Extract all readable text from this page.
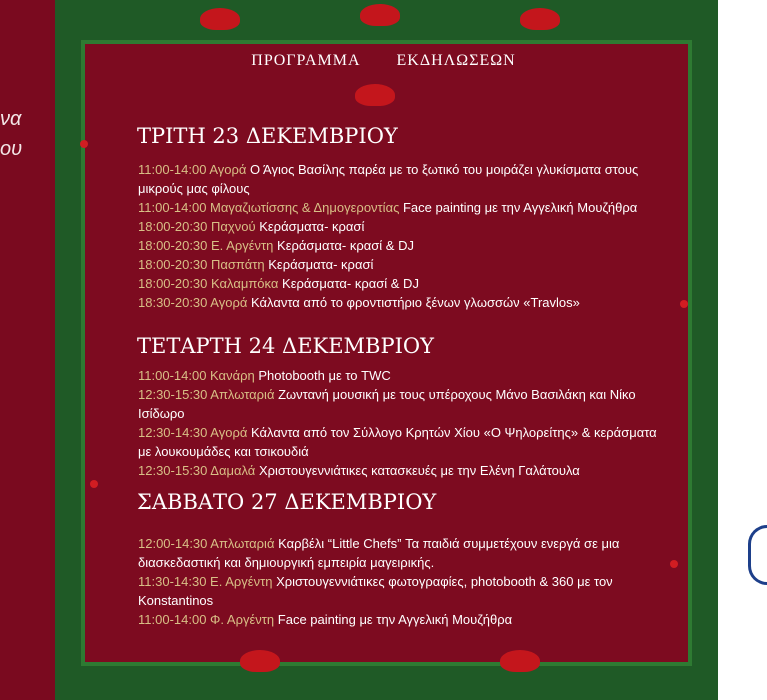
να
ου
ΠΡΟΓΡΑΜΜΑ ΕΚΔΗΛΩΣΕΩΝ
ΤΡΙΤΗ 23 ΔΕΚΕΜΒΡΙΟΥ
11:00-14:00 Αγορά Ο Άγιος Βασίλης παρέα με το ξωτικό του μοιράζει γλυκίσματα στους μικρούς μας φίλους
11:00-14:00 Μαγαζιωτίσσης & Δημογεροντίας Face painting με την Αγγελική Μουζήθρα
18:00-20:30 Παχνού Κεράσματα- κρασί
18:00-20:30 Ε. Αργέντη Κεράσματα- κρασί & DJ
18:00-20:30 Πασπάτη Κεράσματα- κρασί
18:00-20:30 Καλαμπόκα Κεράσματα- κρασί & DJ
18:30-20:30 Αγορά Κάλαντα από το φροντιστήριο ξένων γλωσσών «Travlos»
ΤΕΤΑΡΤΗ 24 ΔΕΚΕΜΒΡΙΟΥ
11:00-14:00 Κανάρη Photobooth με το TWC
12:30-15:30 Απλωταριά Ζωντανή μουσική με τους υπέροχους Μάνο Βασιλάκη και Νίκο Ισίδωρο
12:30-14:30 Αγορά Κάλαντα από τον Σύλλογο Κρητών Χίου «Ο Ψηλορείτης» & κεράσματα με λουκουμάδες και τσικουδιά
12:30-15:30 Δαμαλά Χριστουγεννιάτικες κατασκευές με την Ελένη Γαλάτουλα
ΣΑΒΒΑΤΟ 27 ΔΕΚΕΜΒΡΙΟΥ
12:00-14:30 Απλωταριά Καρβέλι “Little Chefs” Τα παιδιά συμμετέχουν ενεργά σε μια διασκεδαστική και δημιουργική εμπειρία μαγειρικής.
11:30-14:30 Ε. Αργέντη Χριστουγεννιάτικες φωτογραφίες, photobooth & 360 με τον Konstantinos
11:00-14:00 Φ. Αργέντη Face painting με την Αγγελική Μουζήθρα
